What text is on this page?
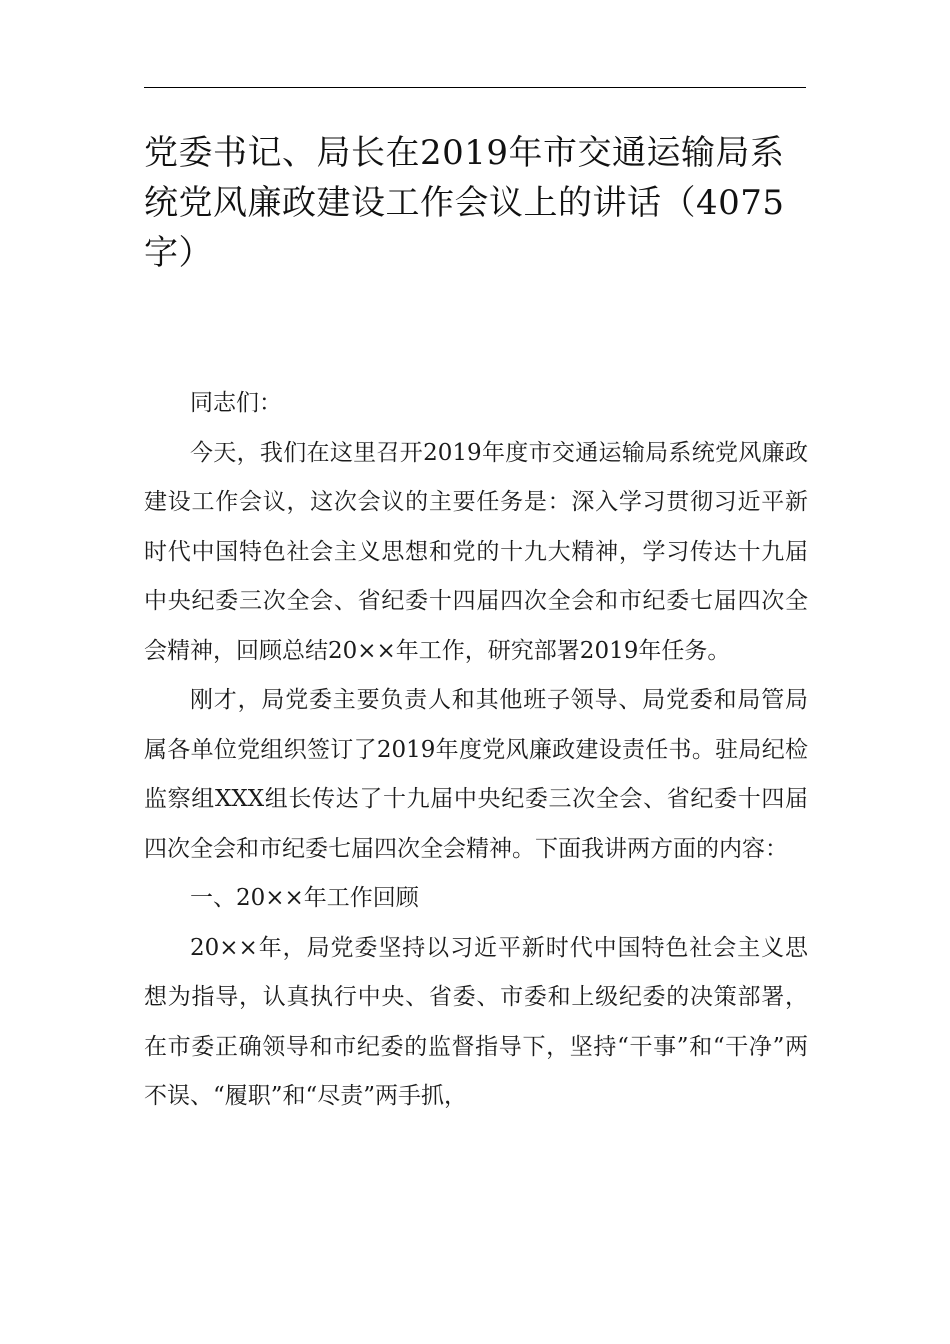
党委书记、局长在2019年市交通运输局系统党风廉政建设工作会议上的讲话（4075字）

同志们：

今天，我们在这里召开2019年度市交通运输局系统党风廉政建设工作会议，这次会议的主要任务是：深入学习贯彻习近平新时代中国特色社会主义思想和党的十九大精神，学习传达十九届中央纪委三次全会、省纪委十四届四次全会和市纪委七届四次全会精神，回顾总结20××年工作，研究部署2019年任务。

刚才，局党委主要负责人和其他班子领导、局党委和局管局属各单位党组织签订了2019年度党风廉政建设责任书。驻局纪检监察组XXX组长传达了十九届中央纪委三次全会、省纪委十四届四次全会和市纪委七届四次全会精神。下面我讲两方面的内容：

一、20××年工作回顾

20××年，局党委坚持以习近平新时代中国特色社会主义思想为指导，认真执行中央、省委、市委和上级纪委的决策部署，在市委正确领导和市纪委的监督指导下，坚持“干事”和“干净”两不误、“履职”和“尽责”两手抓，
